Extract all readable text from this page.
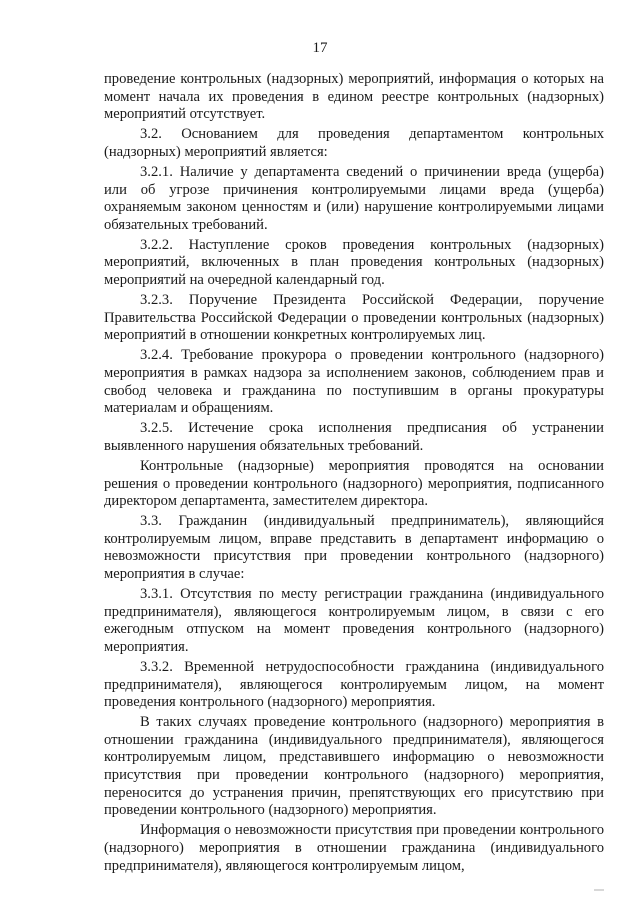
17

проведение контрольных (надзорных) мероприятий, информация о которых на момент начала их проведения в едином реестре контрольных (надзорных) мероприятий отсутствует.

3.2. Основанием для проведения департаментом контрольных (надзорных) мероприятий является:

3.2.1. Наличие у департамента сведений о причинении вреда (ущерба) или об угрозе причинения контролируемыми лицами вреда (ущерба) охраняемым законом ценностям и (или) нарушение контролируемыми лицами обязательных требований.

3.2.2. Наступление сроков проведения контрольных (надзорных) мероприятий, включенных в план проведения контрольных (надзорных) мероприятий на очередной календарный год.

3.2.3. Поручение Президента Российской Федерации, поручение Правительства Российской Федерации о проведении контрольных (надзорных) мероприятий в отношении конкретных контролируемых лиц.

3.2.4. Требование прокурора о проведении контрольного (надзорного) мероприятия в рамках надзора за исполнением законов, соблюдением прав и свобод человека и гражданина по поступившим в органы прокуратуры материалам и обращениям.

3.2.5. Истечение срока исполнения предписания об устранении выявленного нарушения обязательных требований.

Контрольные (надзорные) мероприятия проводятся на основании решения о проведении контрольного (надзорного) мероприятия, подписанного директором департамента, заместителем директора.

3.3. Гражданин (индивидуальный предприниматель), являющийся контролируемым лицом, вправе представить в департамент информацию о невозможности присутствия при проведении контрольного (надзорного) мероприятия в случае:

3.3.1. Отсутствия по месту регистрации гражданина (индивидуального предпринимателя), являющегося контролируемым лицом, в связи с его ежегодным отпуском на момент проведения контрольного (надзорного) мероприятия.

3.3.2. Временной нетрудоспособности гражданина (индивидуального предпринимателя), являющегося контролируемым лицом, на момент проведения контрольного (надзорного) мероприятия.

В таких случаях проведение контрольного (надзорного) мероприятия в отношении гражданина (индивидуального предпринимателя), являющегося контролируемым лицом, представившего информацию о невозможности присутствия при проведении контрольного (надзорного) мероприятия, переносится до устранения причин, препятствующих его присутствию при проведении контрольного (надзорного) мероприятия.

Информация о невозможности присутствия при проведении контрольного (надзорного) мероприятия в отношении гражданина (индивидуального предпринимателя), являющегося контролируемым лицом,
